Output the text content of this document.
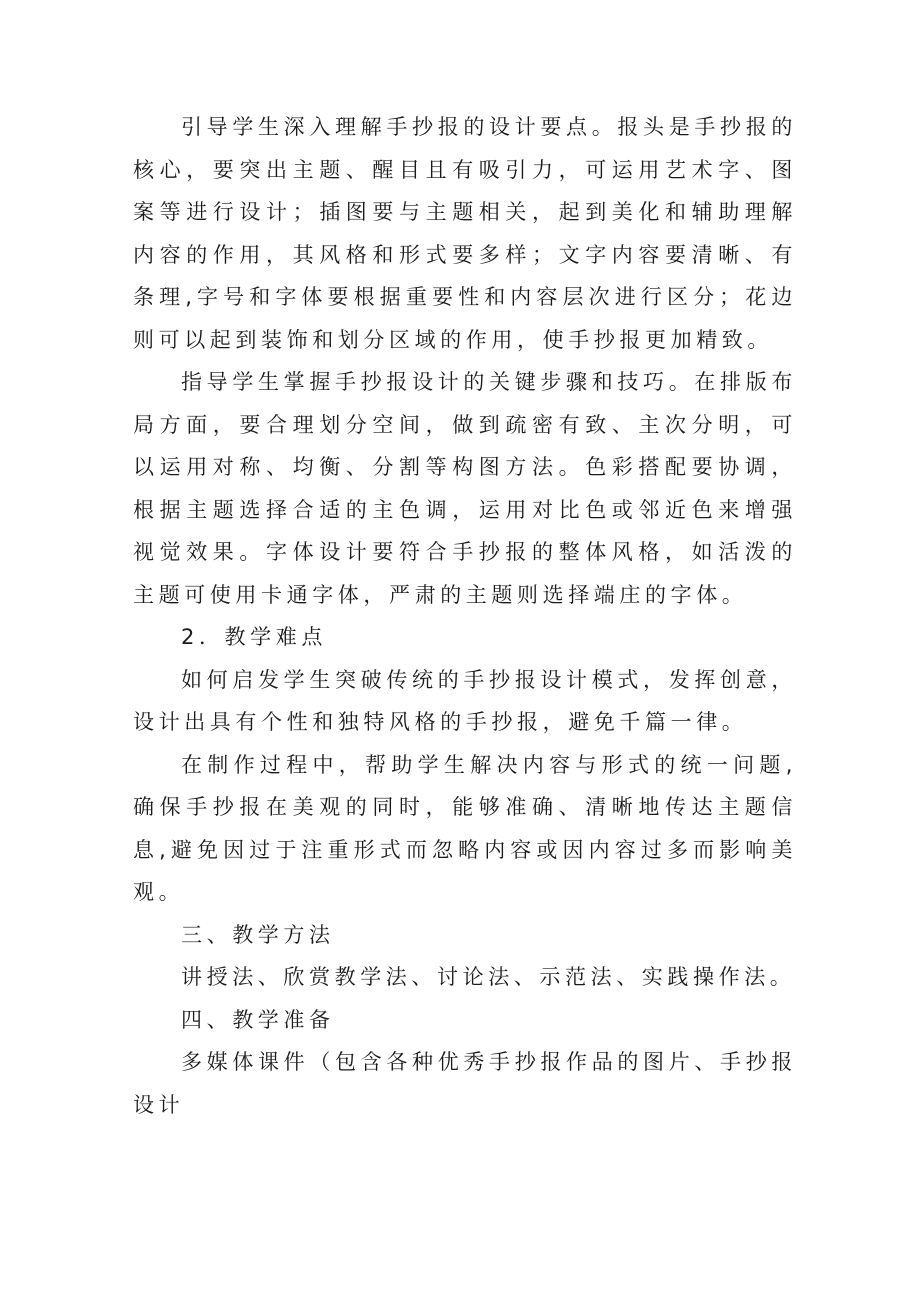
引导学生深入理解手抄报的设计要点。报头是手抄报的核心，要突出主题、醒目且有吸引力，可运用艺术字、图案等进行设计；插图要与主题相关，起到美化和辅助理解内容的作用，其风格和形式要多样；文字内容要清晰、有条理,字号和字体要根据重要性和内容层次进行区分；花边则可以起到装饰和划分区域的作用，使手抄报更加精致。

指导学生掌握手抄报设计的关键步骤和技巧。在排版布局方面，要合理划分空间，做到疏密有致、主次分明，可以运用对称、均衡、分割等构图方法。色彩搭配要协调，根据主题选择合适的主色调，运用对比色或邻近色来增强视觉效果。字体设计要符合手抄报的整体风格，如活泼的主题可使用卡通字体，严肃的主题则选择端庄的字体。

2．教学难点

如何启发学生突破传统的手抄报设计模式，发挥创意，设计出具有个性和独特风格的手抄报，避免千篇一律。

在制作过程中，帮助学生解决内容与形式的统一问题,确保手抄报在美观的同时，能够准确、清晰地传达主题信息,避免因过于注重形式而忽略内容或因内容过多而影响美观。

三、教学方法

讲授法、欣赏教学法、讨论法、示范法、实践操作法。

四、教学准备

多媒体课件（包含各种优秀手抄报作品的图片、手抄报设计
